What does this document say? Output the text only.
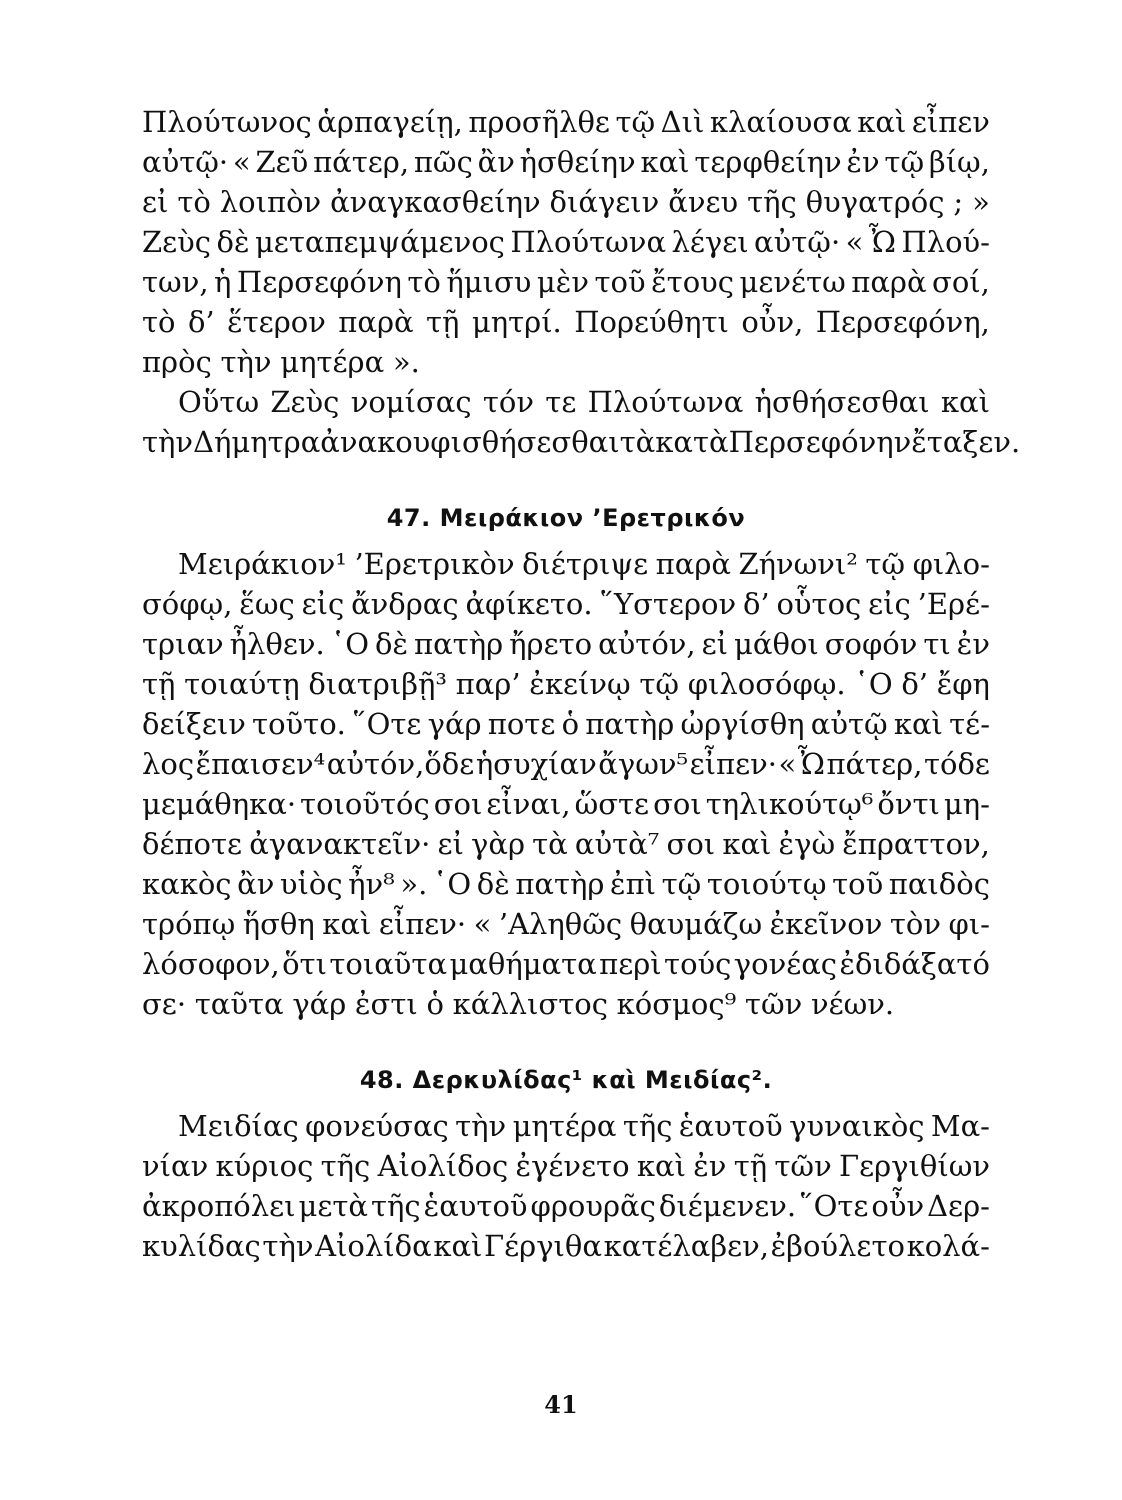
Πλούτωνος ἁρπαγείῃ, προσῆλθε τῷ Διὶ κλαίουσα καὶ εἶπεν
αὐτῷ· « Ζεῦ πάτερ, πῶς ἂν ἡσθείην καὶ τερφθείην ἐν τῷ βίῳ,
εἰ τὸ λοιπὸν ἀναγκασθείην διάγειν ἄνευ τῆς θυγατρός ; »
Ζεὺς δὲ μεταπεμψάμενος Πλούτωνα λέγει αὐτῷ· « Ὦ Πλού-
των, ἡ Περσεφόνη τὸ ἥμισυ μὲν τοῦ ἔτους μενέτω παρὰ σοί,
τὸ δ’ ἕτερον παρὰ τῇ μητρί. Πορεύθητι οὖν, Περσεφόνη,
πρὸς τὴν μητέρα ».
Οὕτω Ζεὺς νομίσας τόν τε Πλούτωνα ἡσθήσεσθαι καὶ
τὴν Δήμητρα ἀνακουφισθήσεσθαι τὰ κατὰ Περσεφόνην ἔταξεν.
47. Μειράκιον ’Ερετρικόν
Μειράκιον¹ ’Ερετρικὸν διέτριψε παρὰ Ζήνωνι² τῷ φιλο-
σόφῳ, ἕως εἰς ἄνδρας ἀφίκετο. ῞Υστερον δ’ οὗτος εἰς ’Ερέ-
τριαν ἦλθεν. ῾Ο δὲ πατὴρ ἤρετο αὐτόν, εἰ μάθοι σοφόν τι ἐν
τῇ τοιαύτῃ διατριβῇ³ παρ’ ἐκείνῳ τῷ φιλοσόφῳ. ῾Ο δ’ ἔφη
δείξειν τοῦτο. ῞Οτε γάρ ποτε ὁ πατὴρ ὠργίσθη αὐτῷ καὶ τέ-
λος ἔπαισεν⁴ αὐτόν,ὅδε ἡσυχίαν ἄγων⁵ εἶπεν· « Ὦ πάτερ, τόδε
μεμάθηκα· τοιοῦτός σοι εἶναι, ὥστε σοι τηλικούτῳ⁶ ὄντι μη-
δέποτε ἀγανακτεῖν· εἰ γὰρ τὰ αὐτὰ⁷ σοι καὶ ἐγὼ ἔπραττον,
κακὸς ἂν υἱὸς ἦν⁸ ». ῾Ο δὲ πατὴρ ἐπὶ τῷ τοιούτῳ τοῦ παιδὸς
τρόπῳ ἥσθη καὶ εἶπεν· « ’Αληθῶς θαυμάζω ἐκεῖνον τὸν φι-
λόσοφον, ὅτι τοιαῦτα μαθήματα περὶ τούς γονέας ἐδιδάξατό
σε· ταῦτα γάρ ἐστι ὁ κάλλιστος κόσμος⁹ τῶν νέων.
48. Δερκυλίδας¹ καὶ Μειδίας².
Μειδίας φονεύσας τὴν μητέρα τῆς ἑαυτοῦ γυναικὸς Μα-
νίαν κύριος τῆς Αἰολίδος ἐγένετο καὶ ἐν τῇ τῶν Γεργιθίων
ἀκροπόλει μετὰ τῆς ἑαυτοῦ φρουρᾶς διέμενεν. ῞Οτε οὖν Δερ-
κυλίδας τὴν Αἰολίδα καὶ Γέργιθα κατέλαβεν, ἐβούλετο κολά-
41
